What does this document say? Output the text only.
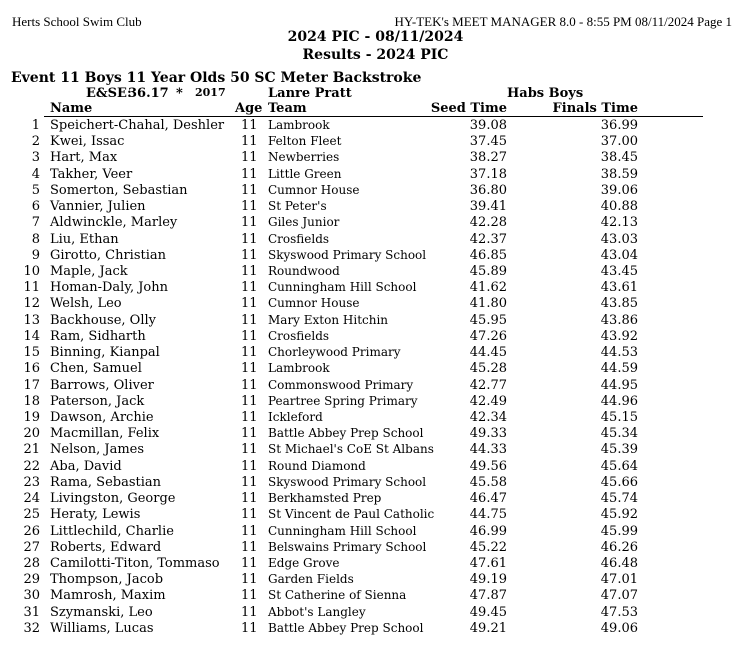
Herts School Swim Club	HY-TEK's MEET MANAGER 8.0 - 8:55 PM 08/11/2024 Page 1
2024 PIC - 08/11/2024
Results - 2024 PIC
Event 11 Boys 11 Year Olds 50 SC Meter Backstroke
E&SE:
36.17 * 2017	Lanre Pratt	Habs Boys
Name	Age Team	Seed Time	Finals Time
1 Speichert-Chahal, Deshler 11 Lambrook	39.08	36.99
2 Kwei, Issac	11 Felton Fleet	37.45	37.00
3 Hart, Max	11 Newberries	38.27	38.45
4 Takher, Veer	11 Little Green	37.18	38.59
5 Somerton, Sebastian	11 Cumnor House	36.80	39.06
6 Vannier, Julien	11 St Peter's	39.41	40.88
7 Aldwinckle, Marley	11 Giles Junior	42.28	42.13
8 Liu, Ethan	11 Crosfields	42.37	43.03
9 Girotto, Christian	11 Skyswood Primary School	46.85	43.04
10 Maple, Jack	11 Roundwood	45.89	43.45
11 Homan-Daly, John	11 Cunningham Hill School	41.62	43.61
12 Welsh, Leo	11 Cumnor House	41.80	43.85
13 Backhouse, Olly	11 Mary Exton Hitchin	45.95	43.86
14 Ram, Sidharth	11 Crosfields	47.26	43.92
15 Binning, Kianpal	11 Chorleywood Primary	44.45	44.53
16 Chen, Samuel	11 Lambrook	45.28	44.59
17 Barrows, Oliver	11 Commonswood Primary	42.77	44.95
18 Paterson, Jack	11 Peartree Spring Primary	42.49	44.96
19 Dawson, Archie	11 Ickleford	42.34	45.15
20 Macmillan, Felix	11 Battle Abbey Prep School	49.33	45.34
21 Nelson, James	11 St Michael's CoE St Albans	44.33	45.39
22 Aba, David	11 Round Diamond	49.56	45.64
23 Rama, Sebastian	11 Skyswood Primary School	45.58	45.66
24 Livingston, George	11 Berkhamsted Prep	46.47	45.74
25 Heraty, Lewis	11 St Vincent de Paul Catholic	44.75	45.92
26 Littlechild, Charlie	11 Cunningham Hill School	46.99	45.99
27 Roberts, Edward	11 Belswains Primary School	45.22	46.26
28 Camilotti-Titon, Tommaso 11 Edge Grove	47.61	46.48
29 Thompson, Jacob	11 Garden Fields	49.19	47.01
30 Mamrosh, Maxim	11 St Catherine of Sienna	47.87	47.07
31 Szymanski, Leo	11 Abbot's Langley	49.45	47.53
32 Williams, Lucas	11 Battle Abbey Prep School	49.21	49.06
